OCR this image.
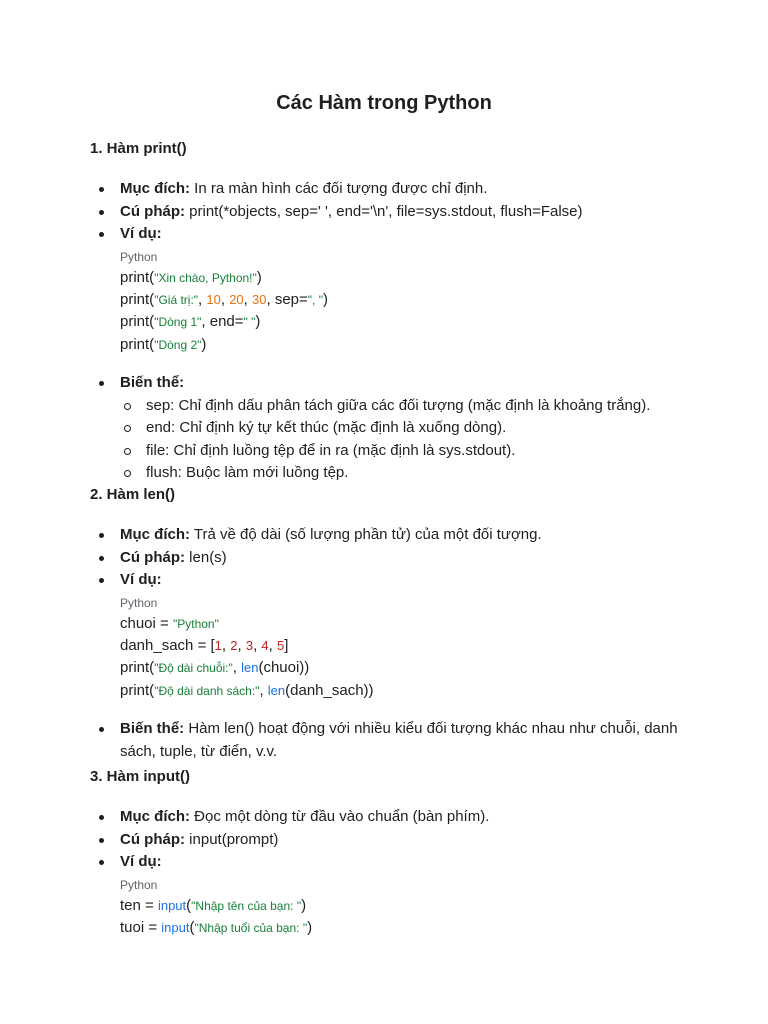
Các Hàm trong Python

1. Hàm print()

Mục đích: In ra màn hình các đối tượng được chỉ định.
Cú pháp: print(*objects, sep=' ', end='\n', file=sys.stdout, flush=False)
Ví dụ:
Python
print("Xin chào, Python!")
print("Giá trị:", 10, 20, 30, sep=", ")
print("Dòng 1", end=" ")
print("Dòng 2")
Biến thể:
sep: Chỉ định dấu phân tách giữa các đối tượng (mặc định là khoảng trắng).
end: Chỉ định ký tự kết thúc (mặc định là xuống dòng).
file: Chỉ định luồng tệp để in ra (mặc định là sys.stdout).
flush: Buộc làm mới luồng tệp.

2. Hàm len()

Mục đích: Trả về độ dài (số lượng phần tử) của một đối tượng.
Cú pháp: len(s)
Ví dụ:
Python
chuoi = "Python"
danh_sach = [1, 2, 3, 4, 5]
print("Độ dài chuỗi:", len(chuoi))
print("Độ dài danh sách:", len(danh_sach))
Biến thể: Hàm len() hoạt động với nhiều kiểu đối tượng khác nhau như chuỗi, danh sách, tuple, từ điển, v.v.

3. Hàm input()

Mục đích: Đọc một dòng từ đầu vào chuẩn (bàn phím).
Cú pháp: input(prompt)
Ví dụ:
Python
ten = input("Nhập tên của bạn: ")
tuoi = input("Nhập tuổi của bạn: ")
